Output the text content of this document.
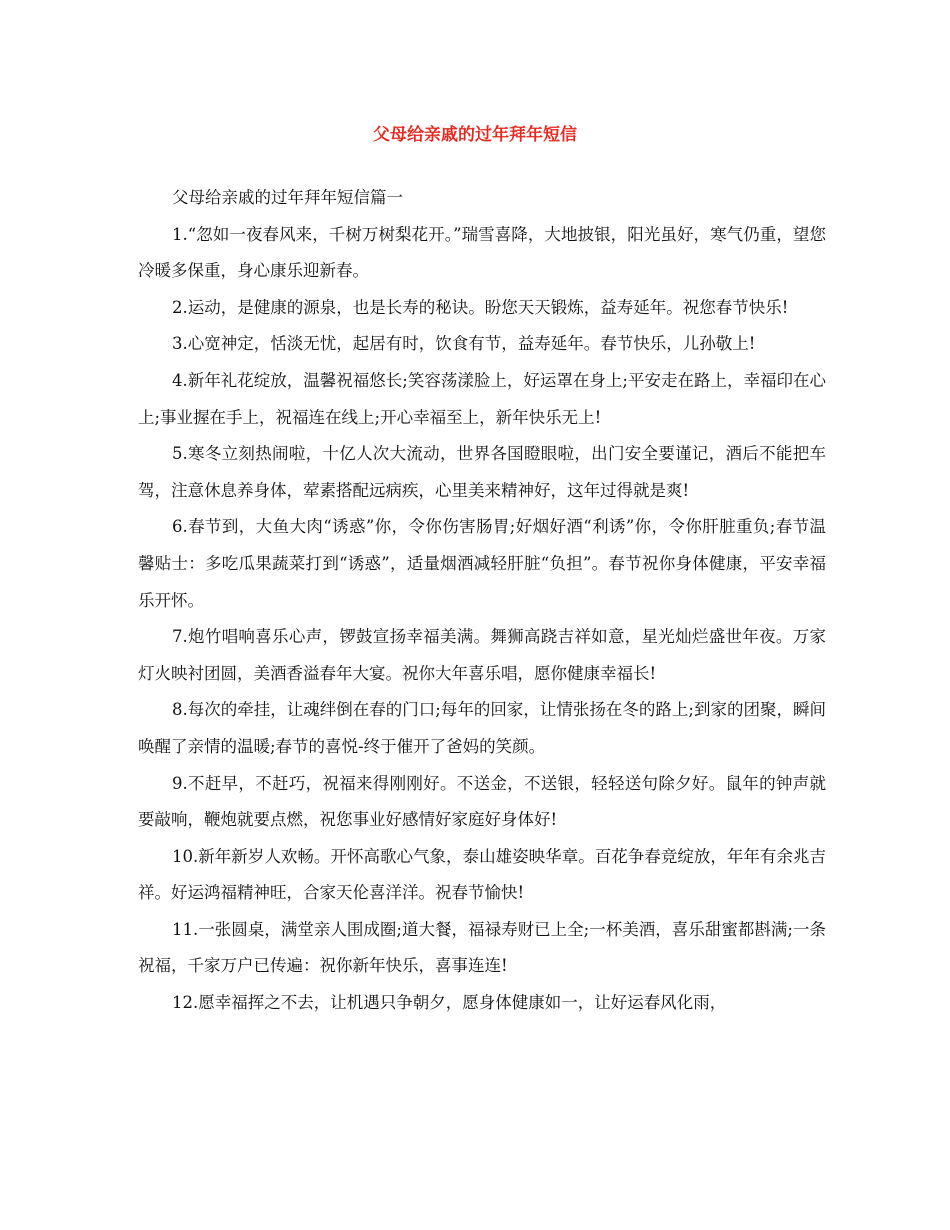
父母给亲戚的过年拜年短信

父母给亲戚的过年拜年短信篇一

1.“忽如一夜春风来，千树万树梨花开。”瑞雪喜降，大地披银，阳光虽好，寒气仍重，望您冷暖多保重，身心康乐迎新春。

2.运动，是健康的源泉，也是长寿的秘诀。盼您天天锻炼，益寿延年。祝您春节快乐!

3.心宽神定，恬淡无忧，起居有时，饮食有节，益寿延年。春节快乐，儿孙敬上!

4.新年礼花绽放，温馨祝福悠长;笑容荡漾脸上，好运罩在身上;平安走在路上，幸福印在心上;事业握在手上，祝福连在线上;开心幸福至上，新年快乐无上!

5.寒冬立刻热闹啦，十亿人次大流动，世界各国瞪眼啦，出门安全要谨记，酒后不能把车驾，注意休息养身体，荤素搭配远病疾，心里美来精神好，这年过得就是爽!

6.春节到，大鱼大肉“诱惑”你，令你伤害肠胃;好烟好酒“利诱”你，令你肝脏重负;春节温馨贴士：多吃瓜果蔬菜打到“诱惑”，适量烟酒减轻肝脏“负担”。春节祝你身体健康，平安幸福乐开怀。

7.炮竹唱响喜乐心声，锣鼓宣扬幸福美满。舞狮高跷吉祥如意，星光灿烂盛世年夜。万家灯火映衬团圆，美酒香溢春年大宴。祝你大年喜乐唱，愿你健康幸福长!

8.每次的牵挂，让魂绊倒在春的门口;每年的回家，让情张扬在冬的路上;到家的团聚，瞬间唤醒了亲情的温暖;春节的喜悦-终于催开了爸妈的笑颜。

9.不赶早，不赶巧，祝福来得刚刚好。不送金，不送银，轻轻送句除夕好。鼠年的钟声就要敲响，鞭炮就要点燃，祝您事业好感情好家庭好身体好!

10.新年新岁人欢畅。开怀高歌心气象，泰山雄姿映华章。百花争春竞绽放，年年有余兆吉祥。好运鸿福精神旺，合家天伦喜洋洋。祝春节愉快!

11.一张圆桌，满堂亲人围成圈;道大餐，福禄寿财已上全;一杯美酒，喜乐甜蜜都斟满;一条祝福，千家万户已传遍：祝你新年快乐，喜事连连!

12.愿幸福挥之不去，让机遇只争朝夕，愿身体健康如一，让好运春风化雨，
